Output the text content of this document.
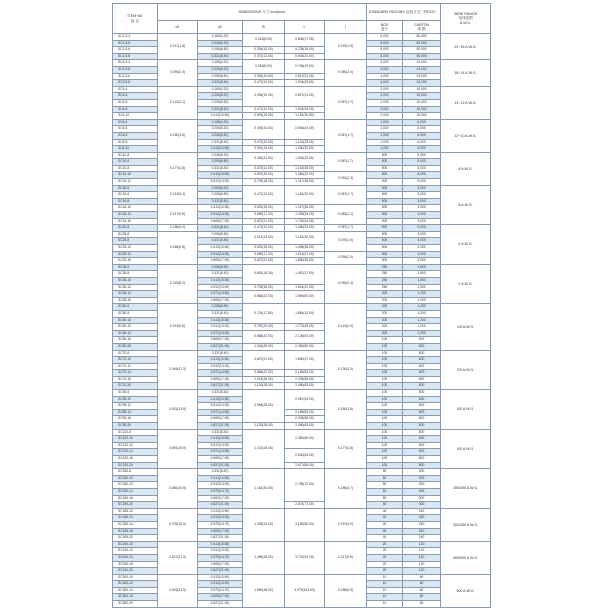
ITEM NO
品 名	DIMENSIONS 尺寸 inch(mm)					STANDARD PACKING 包装方式（PIECE）		WIRE RANGE
电线范围
A.W.G.
	d1	d2	B	L	t	BOX
盒子	CARTON
纸 箱	
SC1.5-4	0.071(1.8)	0.165(4.20)	0.315(8.00)	0.606(17.05)	0.075(1.9)	5,000	50,000	22~16 A.W.G.
SC1.5-5		0.206(5.20)				5,000	50,000	
SC1.5-6		0.256(6.50)	0.394(10.00)	0.705(18.00)		5,000	50,000	
SC1.5-8		0.331(8.40)	0.472(12.00)	0.945(24.00)		5,000	50,000	
SC2.5-4	0.094(2.4)	0.165(4.20)	0.315(8.00)	0.748(19.00)	0.080(2.0)	4,000	24,000	18~14 A.W.G.
SC2.5-5		0.206(5.20)				4,000	24,000	
SC2.5-6		0.256(6.50)	0.394(10.00)	0.827(21.00)		4,000	24,000	
SC2.5-8		0.331(8.40)	0.472(12.00)	1.024(26.00)		4,000	24,000	
SC4-4	0.122(3.1)	0.165(4.20)	0.394(10.00)	0.827(21.00)	0.067(1.7)	2,000	10,000	14~12 A.W.G.
SC4-5		0.206(5.20)				2,000	10,000	
SC4-6		0.256(6.50)				2,000	10,000	
SC4-8		0.331(8.40)	0.472(12.00)	1.024(26.00)		2,000	10,000	
SC4-10		0.413(10.50)	0.591(15.00)	1.181(30.00)		2,000	10,000	
SC6-4	0.150(3.8)	0.165(4.20)	0.394(10.00)	0.945(24.00)	0.067(1.7)	1,000	6,000	12~10 A.W.G.
SC6-5		0.206(5.20)				1,000	6,000	
SC6-6		0.256(6.50)				1,000	6,000	
SC6-8		0.331(8.40)	0.472(12.00)	1.102(28.00)		1,000	6,000	
SC6-10		0.413(10.50)	0.591(15.00)	1.260(32.00)		1,000	6,000	
SC10-5	0.177(4.5)	0.206(5.20)	0.453(11.50)	1.004(25.50)	0.067(1.7)	500	5,000	8 A.W.G.
SC10-6		0.256(6.50)				500	5,000	
SC10-8		0.331(8.40)	0.472(12.00)	1.102(28.00)		500	5,000	
SC10-10		0.413(10.50)	0.591(15.00)	1.260(32.00)	0.091(2.3)	500	5,000	
SC10-12		0.512(13.00)	0.709(18.00)	1.417(36.00)		500	5,000	
SC16-5	0.213(5.4)	0.206(5.20)	0.472(12.00)	1.181(30.00)	0.067(1.7)	500	3,000	6 A.W.G.
SC16-6		0.256(6.50)				500	3,000	
SC16-8		0.331(8.40)				500	3,000	
SC16-10	0.217(5.5)	0.413(10.50)	0.591(15.00)	1.417(36.00)	0.083(2.1)	500	3,000	
SC16-12		0.512(13.00)	0.669(17.00)	1.339(34.00)		500	3,000	
SC16-16		0.669(17.00)	0.827(21.00)	1.732(44.00)		500	3,000	
SC20-8	0.236(6.0)	0.331(8.40)	0.472(12.00)	1.260(32.00)	0.067(1.7)	500	3,000	4 A.W.G.
SC25-6	0.266(6.8)	0.256(6.50)	0.512(13.00)	1.181(30.00)	0.075(1.9)	500	3,000	
SC25-8		0.331(8.40)				500	3,000	
SC25-10		0.413(10.50)	0.591(15.00)	1.496(38.00)		500	3,000	
SC25-12		0.512(13.00)	0.669(17.00)	1.614(41.00)	0.094(2.4)	500	3,000	
SC25-16		0.669(17.00)	0.827(21.00)	1.890(48.00)		500	3,000	
SC35-6	0.323(8.2)	0.256(6.50)	0.602(15.30)	1.457(37.00)	0.094(2.4)	250	1,500	2 A.W.G.
SC35-8		0.331(8.40)				250	1,500	
SC35-10		0.413(10.50)				250	1,500	
SC35-12		0.512(13.00)	0.709(18.00)	1.614(41.00)		250	1,500	
SC35-14		0.571(14.50)	0.866(22.00)	1.969(50.00)		200	1,200	
SC35-16		0.669(17.00)				200	1,200	
SC50-6	0.374(9.5)	0.256(6.50)	0.701(17.80)	1.654(42.00)	0.114(2.9)	200	1,200	1/0 A.W.G.
SC50-8		0.331(8.40)				200	1,200	
SC50-10		0.413(10.50)				200	1,200	
SC50-12		0.512(13.00)	0.787(20.00)	1.772(45.00)		200	1,200	
SC50-14		0.571(14.50)	0.866(22.00)	2.126(54.00)		200	1,200	
SC50-16		0.669(17.00)				100	600	
SC50-20		0.827(21.00)	1.024(26.00)	2.362(60.00)		100	600	
SC70-8	0.445(11.3)	0.331(8.40)	0.827(21.00)	1.850(47.00)	0.130(3.3)	100	600	2/0 A.W.G.
SC70-10		0.413(10.50)				100	600	
SC70-12		0.512(13.00)				100	600	
SC70-14		0.571(14.50)	0.866(22.00)	2.165(55.00)		100	600	
SC70-16		0.669(17.00)	1.024(26.00)	2.205(56.00)		100	600	
SC70-20		0.827(21.00)	1.102(28.00)	2.480(63.00)		100	600	
SC95-8	0.531(13.5)	0.331(8.40)	0.984(25.00)	2.087(53.00)	0.150(3.8)	100	600	3/0 A.W.G.
SC95-10		0.413(10.50)				100	600	
SC95-12		0.512(13.00)				100	600	
SC95-14		0.571(14.50)		2.165(55.00)		100	600	
SC95-16		0.669(17.00)		2.205(56.00)		100	600	
SC95-20		0.827(21.00)	1.102(28.00)	2.480(63.00)		100	600	
SC120-8	0.591(15.0)	0.331(8.40)	1.102(28.00)	2.362(60.00)	0.177(4.5)	100	600	4/0 A.W.G.
SC120-10		0.413(10.50)				100	600	
SC120-12		0.512(13.00)				100	600	
SC120-14		0.571(14.50)		2.520(64.00)		100	600	
SC120-16		0.669(17.00)				100	600	
SC120-20		0.827(21.00)		2.677(68.00)		100	600	
SC150-8	0.650(16.5)	0.331(8.40)	1.181(30.00)	2.756(70.00)	0.185(4.7)	50	300	250/300 A.W.G.
SC150-10		0.413(10.50)				50	300	
SC150-12		0.512(13.00)				50	300	
SC150-14		0.579(14.70)				50	300	
SC150-16		0.669(17.00)				50	300	
SC150-20		0.827(21.00)		2.874(73.00)		50	300	
SC185-10	0.709(18.0)	0.413(10.50)	1.339(34.00)	3.150(80.00)	0.197(5.0)	40	240	300/350 A.W.G.
SC185-12		0.512(13.00)				40	240	
SC185-14		0.579(14.70)				40	240	
SC185-16		0.669(17.00)				40	240	
SC185-20		0.827(21.00)				40	240	
SC240-10	0.827(21.0)	0.413(10.50)	1.496(38.00)	3.701(94.00)	0.217(5.5)	20	120	400/500 A.W.G.
SC240-12		0.512(13.00)				20	120	
SC240-14		0.579(14.70)				20	120	
SC240-16		0.669(17.00)				20	120	
SC240-20		0.827(21.00)				20	120	
SC300-10	0.925(23.5)	0.413(10.50)	1.890(48.00)	4.079(103.60)	0.256(6.5)	10	60	500 A.W.G.
SC300-12		0.512(13.00)				10	60	
SC300-14		0.579(14.70)				10	60	
SC300-16		0.669(17.00)				10	60	
SC300-20		0.827(21.00)				10	60	
